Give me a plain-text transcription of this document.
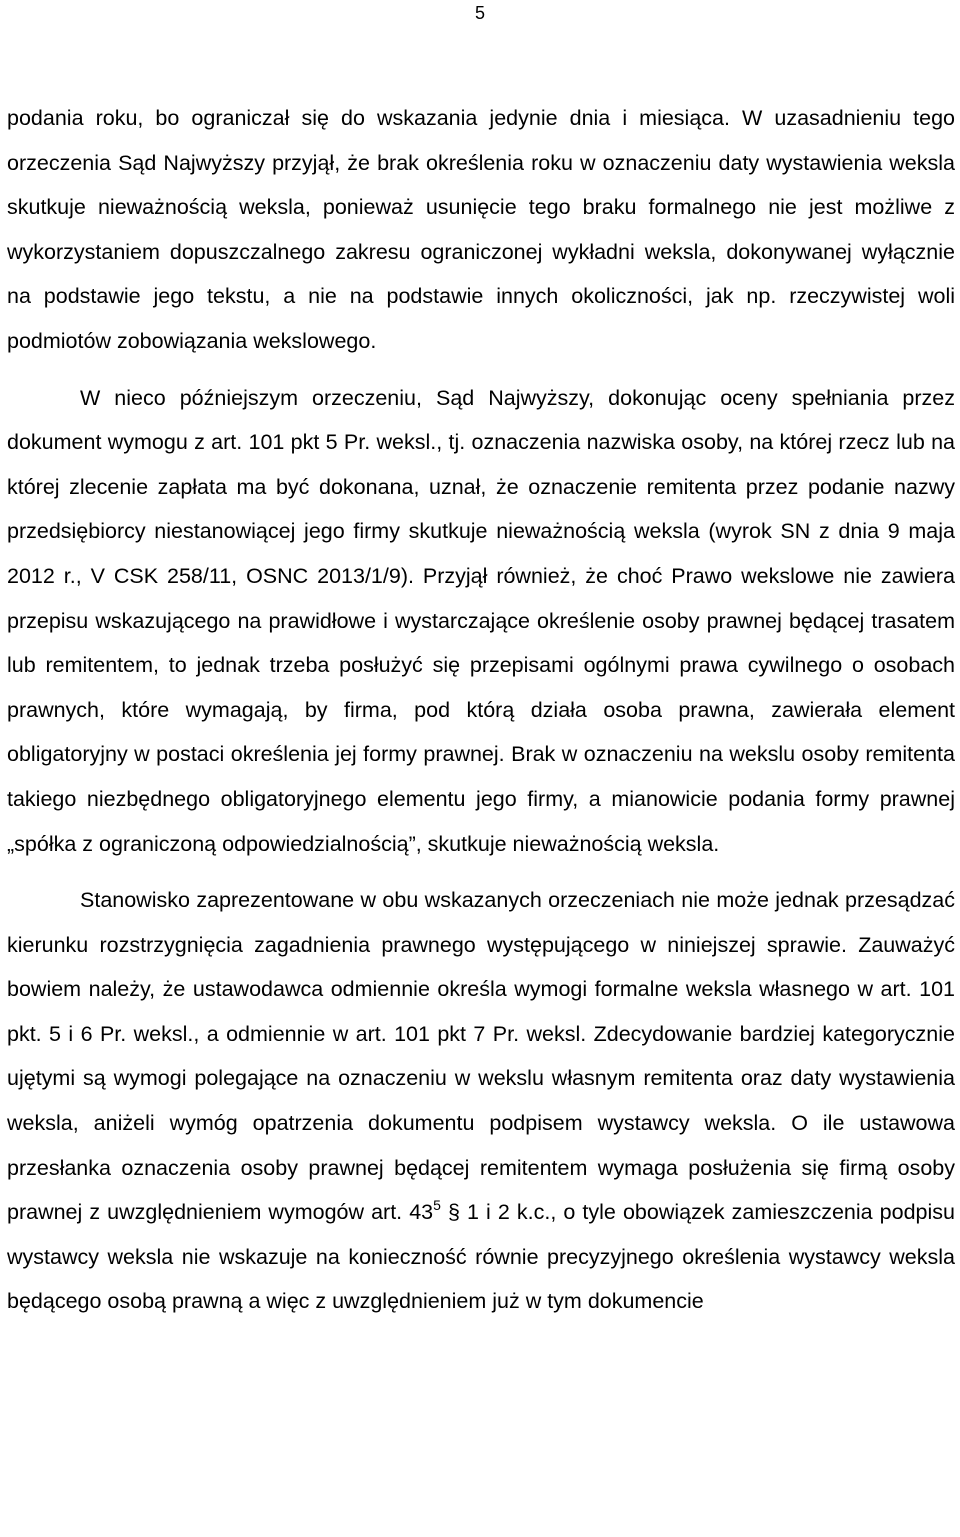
5

podania roku, bo ograniczał się do wskazania jedynie dnia i miesiąca. W uzasadnieniu tego orzeczenia Sąd Najwyższy przyjął, że brak określenia roku w oznaczeniu daty wystawienia weksla skutkuje nieważnością weksla, ponieważ usunięcie tego braku formalnego nie jest możliwe z wykorzystaniem dopuszczalnego zakresu ograniczonej wykładni weksla, dokonywanej wyłącznie na podstawie jego tekstu, a nie na podstawie innych okoliczności, jak np. rzeczywistej woli podmiotów zobowiązania wekslowego.

W nieco późniejszym orzeczeniu, Sąd Najwyższy, dokonując oceny spełniania przez dokument wymogu z art. 101 pkt 5 Pr. weksl., tj. oznaczenia nazwiska osoby, na której rzecz lub na której zlecenie zapłata ma być dokonana, uznał, że oznaczenie remitenta przez podanie nazwy przedsiębiorcy niestanowiącej jego firmy skutkuje nieważnością weksla (wyrok SN z dnia 9 maja 2012 r., V CSK 258/11, OSNC 2013/1/9). Przyjął również, że choć Prawo wekslowe nie zawiera przepisu wskazującego na prawidłowe i wystarczające określenie osoby prawnej będącej trasatem lub remitentem, to jednak trzeba posłużyć się przepisami ogólnymi prawa cywilnego o osobach prawnych, które wymagają, by firma, pod którą działa osoba prawna, zawierała element obligatoryjny w postaci określenia jej formy prawnej. Brak w oznaczeniu na wekslu osoby remitenta takiego niezbędnego obligatoryjnego elementu jego firmy, a mianowicie podania formy prawnej „spółka z ograniczoną odpowiedzialnością”, skutkuje nieważnością weksla.

Stanowisko zaprezentowane w obu wskazanych orzeczeniach nie może jednak przesądzać kierunku rozstrzygnięcia zagadnienia prawnego występującego w niniejszej sprawie. Zauważyć bowiem należy, że ustawodawca odmiennie określa wymogi formalne weksla własnego w art. 101 pkt. 5 i 6 Pr. weksl., a odmiennie w art. 101 pkt 7 Pr. weksl. Zdecydowanie bardziej kategorycznie ujętymi są wymogi polegające na oznaczeniu w wekslu własnym remitenta oraz daty wystawienia weksla, aniżeli wymóg opatrzenia dokumentu podpisem wystawcy weksla. O ile ustawowa przesłanka oznaczenia osoby prawnej będącej remitentem wymaga posłużenia się firmą osoby prawnej z uwzględnieniem wymogów art. $43^5$ § 1 i 2 k.c., o tyle obowiązek zamieszczenia podpisu wystawcy weksla nie wskazuje na konieczność równie precyzyjnego określenia wystawcy weksla będącego osobą prawną a więc z uwzględnieniem już w tym dokumencie
